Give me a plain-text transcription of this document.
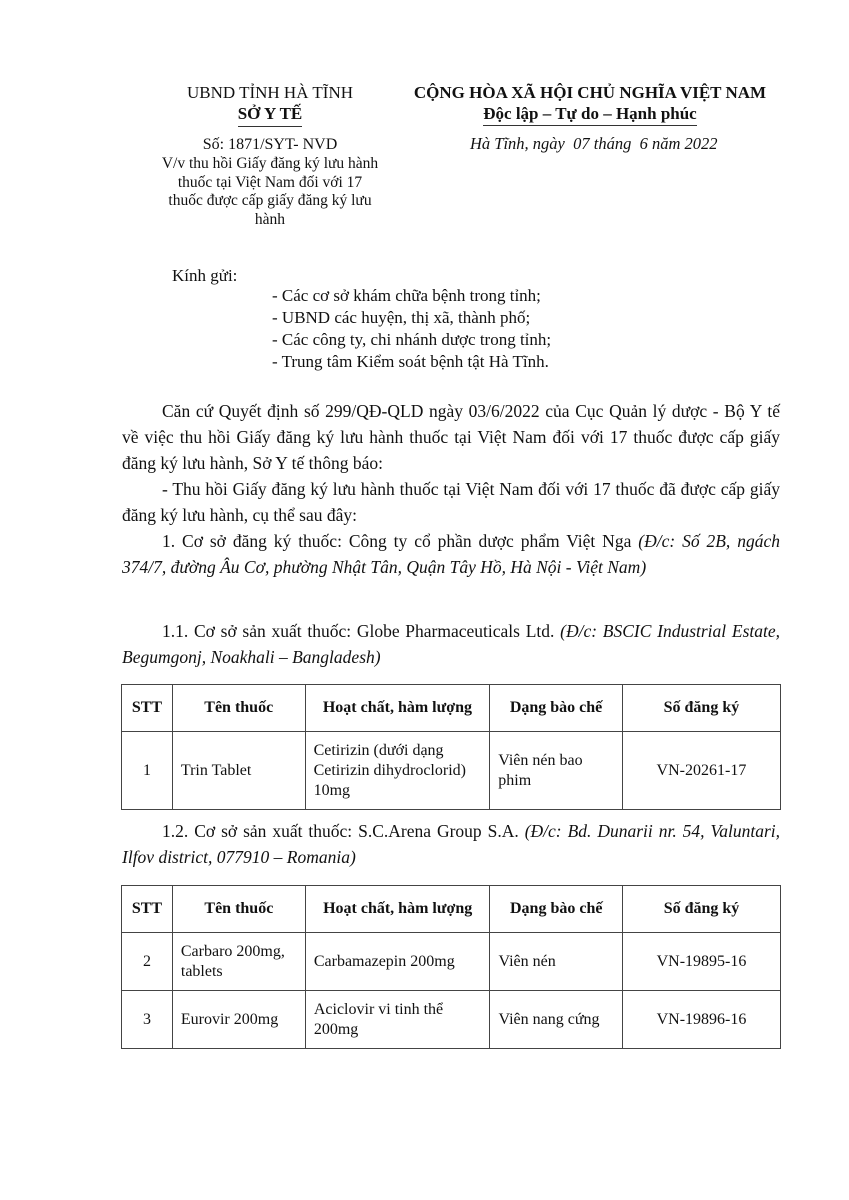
UBND TỈNH HÀ TĨNH
SỞ Y TẾ
Số: 1871/SYT- NVD
V/v thu hồi Giấy đăng ký lưu hành
thuốc tại Việt Nam đối với 17
thuốc được cấp giấy đăng ký lưu
hành
CỘNG HÒA XÃ HỘI CHỦ NGHĨA VIỆT NAM
Độc lập – Tự do – Hạnh phúc
Hà Tĩnh, ngày  07 tháng  6 năm 2022
Kính gửi:
- Các cơ sở khám chữa bệnh trong tỉnh;
- UBND các huyện, thị xã, thành phố;
- Các công ty, chi nhánh dược trong tỉnh;
- Trung tâm Kiểm soát bệnh tật Hà Tĩnh.
Căn cứ Quyết định số 299/QĐ-QLD ngày 03/6/2022 của Cục Quản lý dược - Bộ Y tế về việc thu hồi Giấy đăng ký lưu hành thuốc tại Việt Nam đối với 17 thuốc được cấp giấy đăng ký lưu hành, Sở Y tế thông báo:
- Thu hồi Giấy đăng ký lưu hành thuốc tại Việt Nam đối với 17 thuốc đã được cấp giấy đăng ký lưu hành, cụ thể sau đây:
1. Cơ sở đăng ký thuốc: Công ty cổ phần dược phẩm Việt Nga (Đ/c: Số 2B, ngách 374/7, đường Âu Cơ, phường Nhật Tân, Quận Tây Hồ, Hà Nội - Việt Nam)
1.1. Cơ sở sản xuất thuốc: Globe Pharmaceuticals Ltd. (Đ/c: BSCIC Industrial Estate, Begumgonj, Noakhali – Bangladesh)
STT	Tên thuốc	Hoạt chất, hàm lượng	Dạng bào chế	Số đăng ký
1	Trin Tablet	Cetirizin (dưới dạng Cetirizin dihydroclorid) 10mg	Viên nén bao phim	VN-20261-17
1.2. Cơ sở sản xuất thuốc: S.C.Arena Group S.A. (Đ/c: Bd. Dunarii nr. 54, Valuntari, Ilfov district, 077910 – Romania)
STT	Tên thuốc	Hoạt chất, hàm lượng	Dạng bào chế	Số đăng ký
2	Carbaro 200mg, tablets	Carbamazepin 200mg	Viên nén	VN-19895-16
3	Eurovir 200mg	Aciclovir vi tinh thể 200mg	Viên nang cứng	VN-19896-16
